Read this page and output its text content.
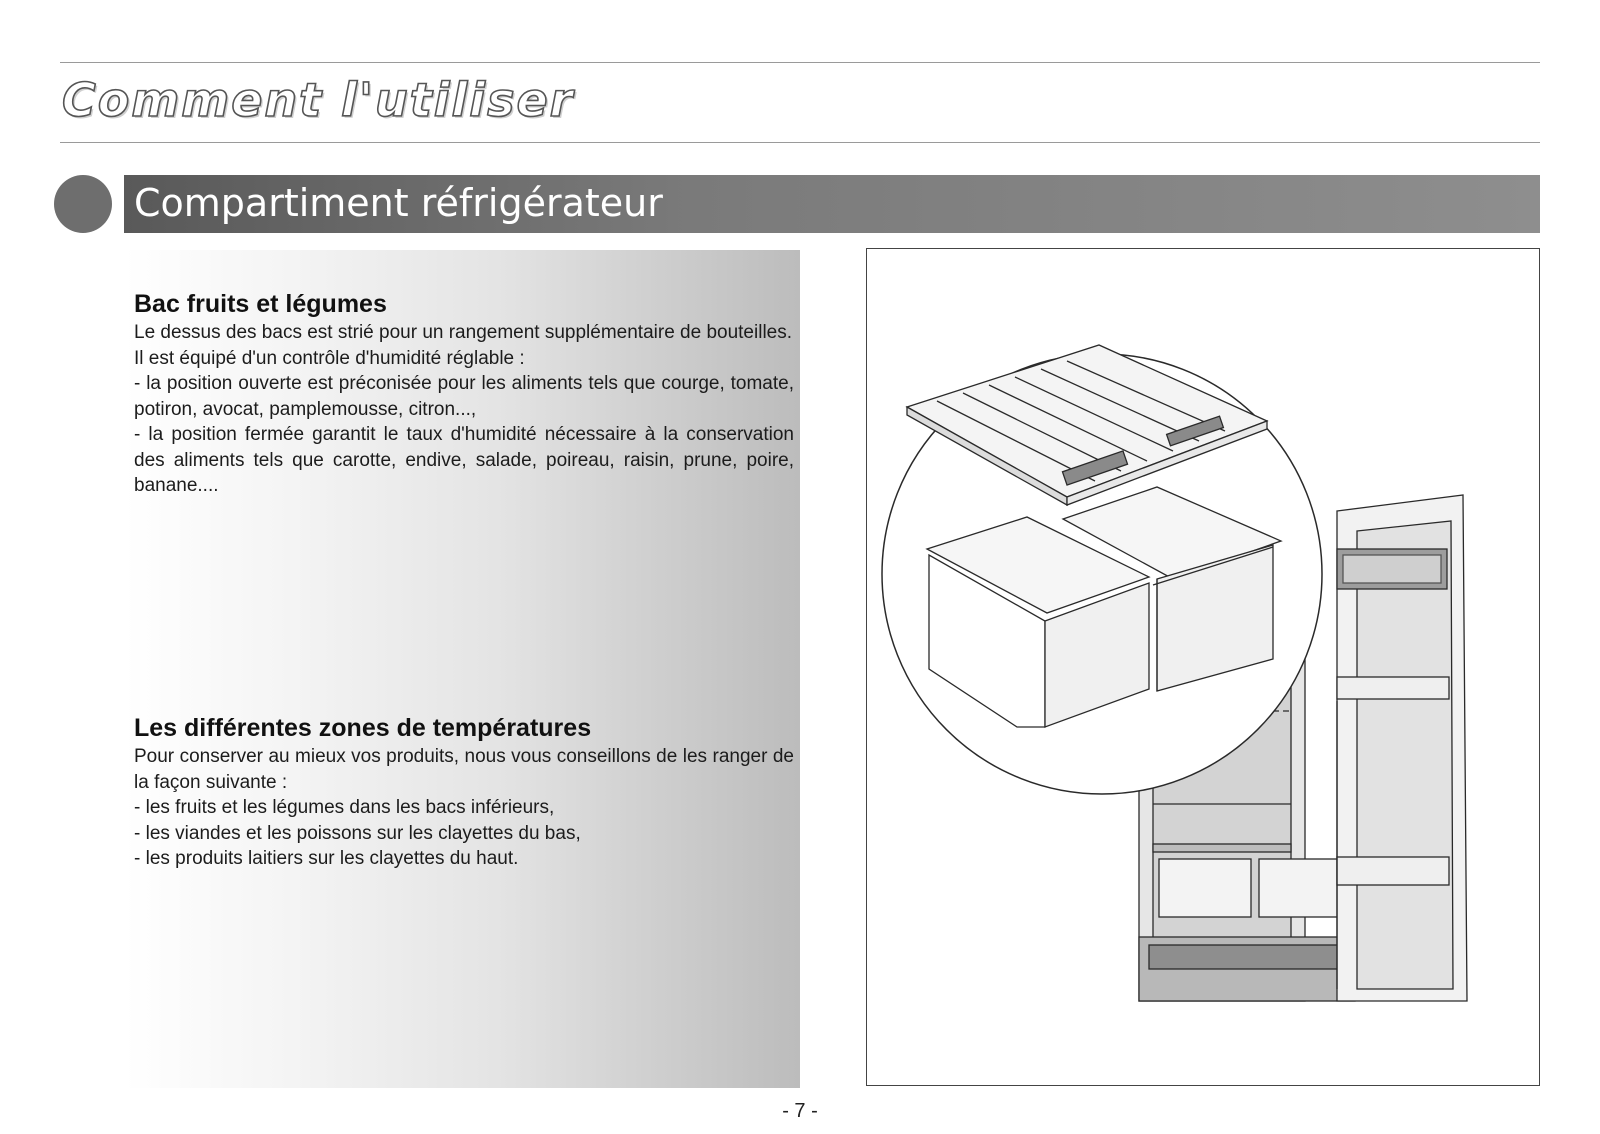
Comment l'utiliser
Compartiment réfrigérateur
Bac fruits et légumes

Le dessus des bacs est strié pour un rangement supplémentaire de bouteilles.

Il est équipé d'un contrôle d'humidité réglable :

- la position ouverte est préconisée pour les aliments tels que courge, tomate, potiron, avocat, pamplemousse, citron...,

- la position fermée garantit le taux d'humidité nécessaire à la conservation des aliments tels que carotte, endive, salade, poireau, raisin, prune, poire, banane....

Les différentes zones de températures

Pour conserver au mieux vos produits, nous vous conseillons de les ranger de la façon suivante :

- les fruits et les légumes dans les bacs inférieurs,

- les viandes et les poissons sur les clayettes du bas,

- les produits laitiers sur les clayettes du haut.

- 7 -
